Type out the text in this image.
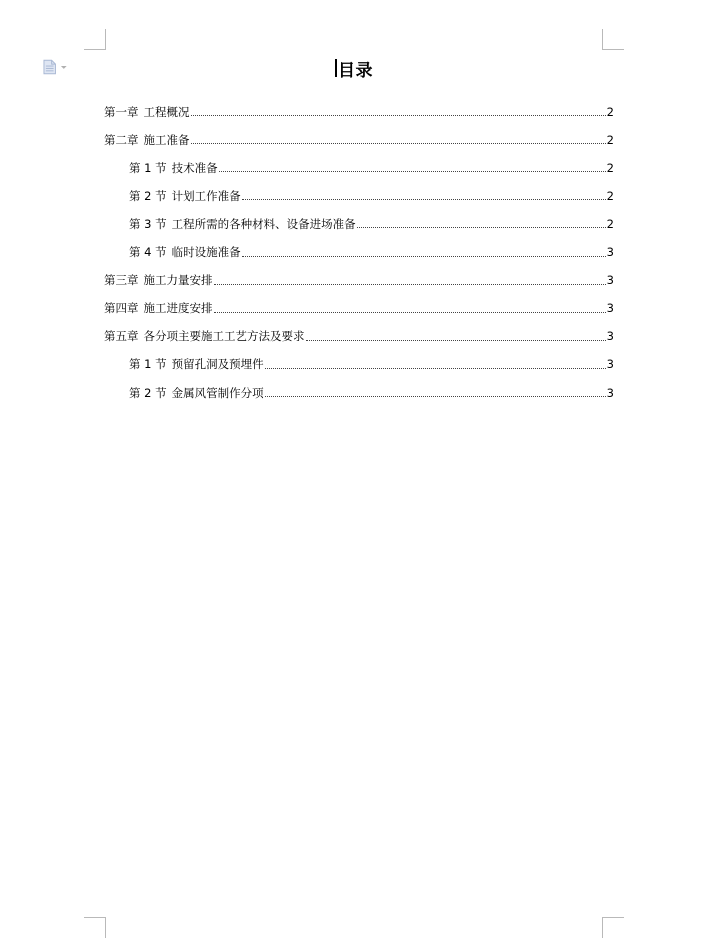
目录
第一章 工程概况	2
第二章 施工准备	2
第 1 节 技术准备	2
第 2 节 计划工作准备	2
第 3 节 工程所需的各种材料、设备进场准备	2
第 4 节 临时设施准备	3
第三章 施工力量安排	3
第四章 施工进度安排	3
第五章 各分项主要施工工艺方法及要求	3
第 1 节 预留孔洞及预埋件	3
第 2 节 金属风管制作分项	3
